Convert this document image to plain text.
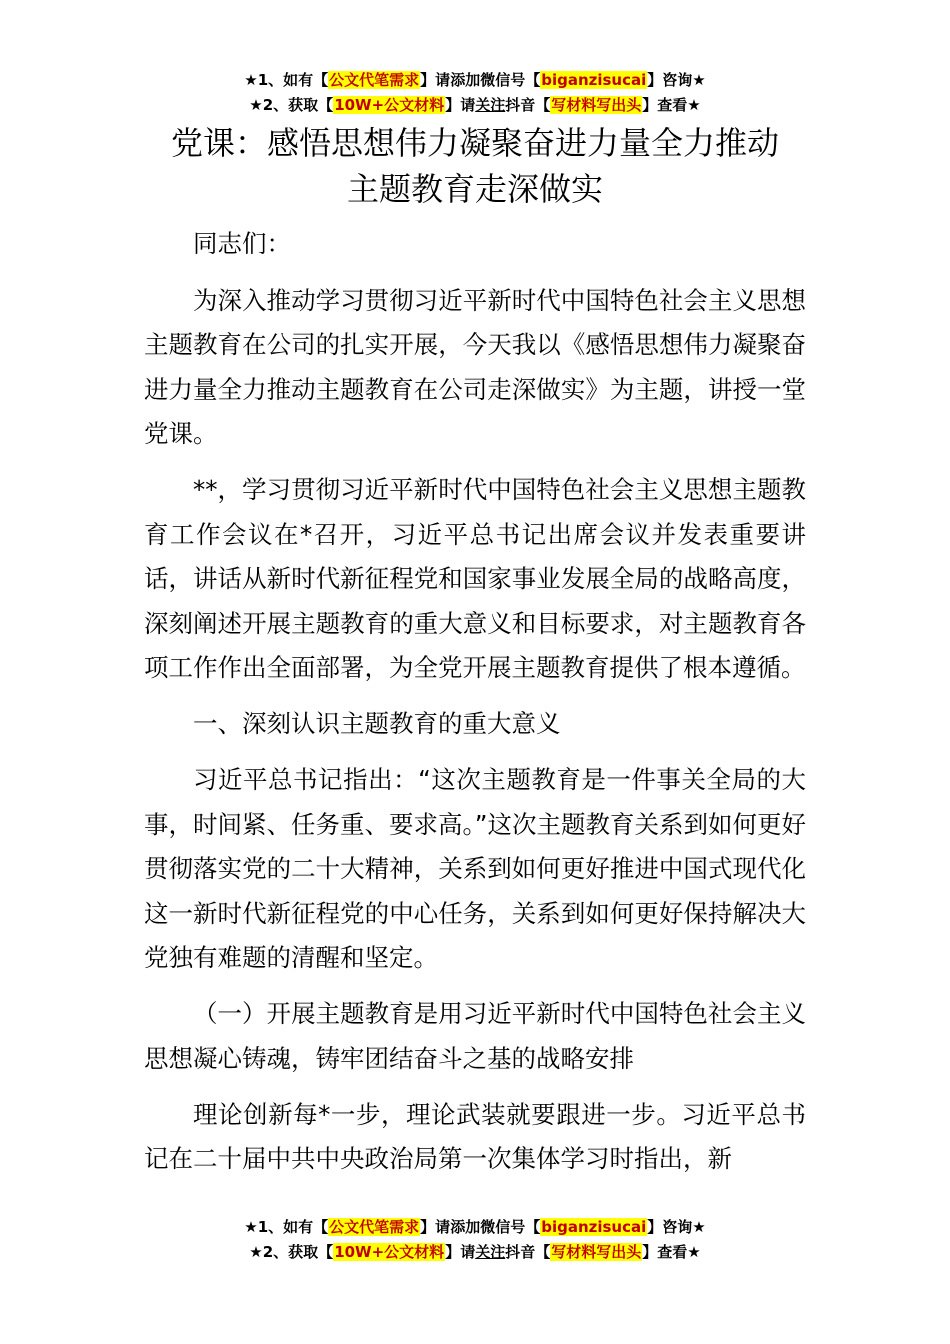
★1、如有【公文代笔需求】请添加微信号【biganzisucai】咨询★
★2、获取【10W+公文材料】请关注抖音【写材料写出头】查看★
党课：感悟思想伟力凝聚奋进力量全力推动
主题教育走深做实

同志们：

为深入推动学习贯彻习近平新时代中国特色社会主义思想主题教育在公司的扎实开展，今天我以《感悟思想伟力凝聚奋进力量全力推动主题教育在公司走深做实》为主题，讲授一堂党课。

**，学习贯彻习近平新时代中国特色社会主义思想主题教育工作会议在*召开，习近平总书记出席会议并发表重要讲话，讲话从新时代新征程党和国家事业发展全局的战略高度，深刻阐述开展主题教育的重大意义和目标要求，对主题教育各项工作作出全面部署，为全党开展主题教育提供了根本遵循。

一、深刻认识主题教育的重大意义

习近平总书记指出：“这次主题教育是一件事关全局的大事，时间紧、任务重、要求高。”这次主题教育关系到如何更好贯彻落实党的二十大精神，关系到如何更好推进中国式现代化这一新时代新征程党的中心任务，关系到如何更好保持解决大党独有难题的清醒和坚定。

（一）开展主题教育是用习近平新时代中国特色社会主义思想凝心铸魂，铸牢团结奋斗之基的战略安排

理论创新每*一步，理论武装就要跟进一步。习近平总书记在二十届中共中央政治局第一次集体学习时指出，新

★1、如有【公文代笔需求】请添加微信号【biganzisucai】咨询★
★2、获取【10W+公文材料】请关注抖音【写材料写出头】查看★
